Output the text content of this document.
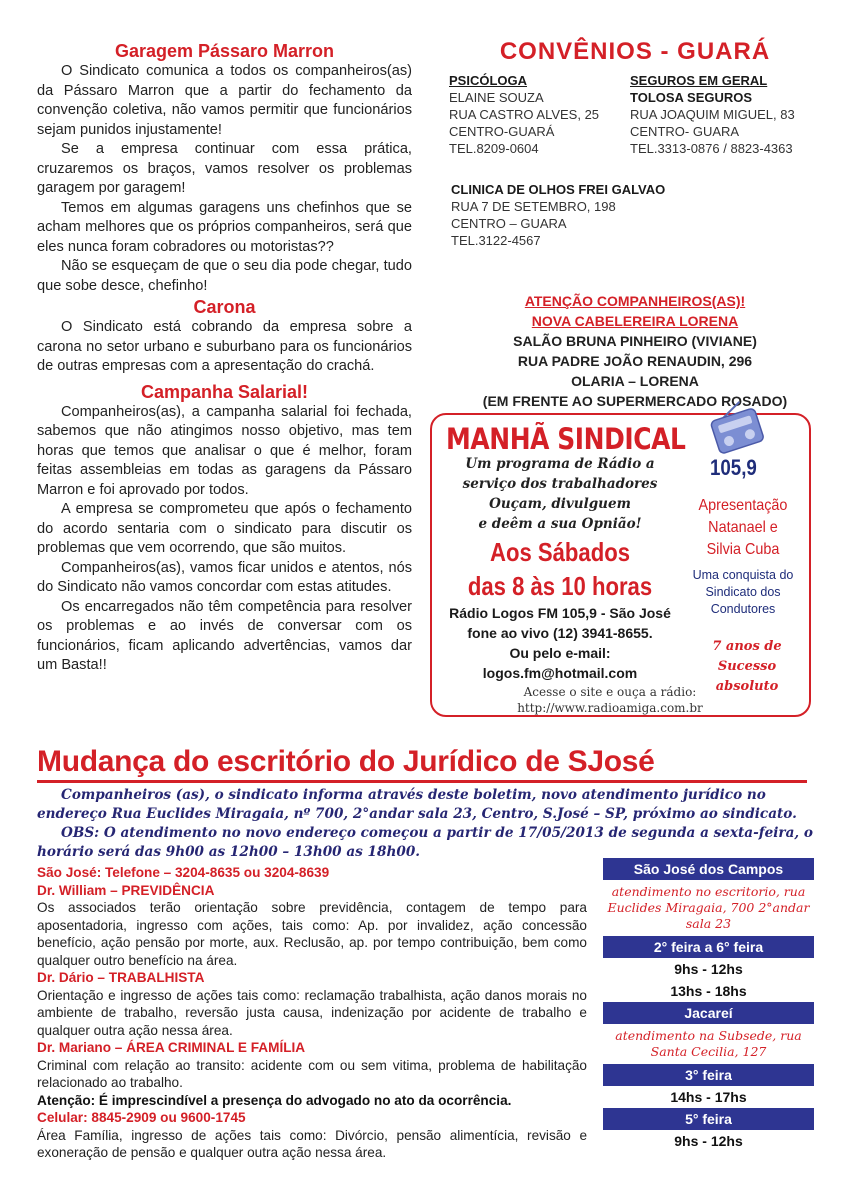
Garagem Pássaro Marron

O Sindicato comunica a todos os companheiros(as) da Pássaro Marron que a partir do fechamento da convenção coletiva, não vamos permitir que funcionários sejam punidos injustamente!

Se a empresa continuar com essa prática, cruzaremos os braços, vamos resolver os problemas garagem por garagem!

Temos em algumas garagens uns chefinhos que se acham melhores que os próprios companheiros, será que eles nunca foram cobradores ou motoristas??

Não se esqueçam de que o seu dia pode chegar, tudo que sobe desce, chefinho!

Carona

O Sindicato está cobrando da empresa sobre a carona no setor urbano e suburbano para os funcionários de outras empresas com a apresentação do crachá.

Campanha Salarial!

Companheiros(as), a campanha salarial foi fechada, sabemos que não atingimos nosso objetivo, mas tem horas que temos que analisar o que é melhor, foram feitas assembleias em todas as garagens da Pássaro Marron e foi aprovado por todos.

A empresa se comprometeu que após o fechamento do acordo sentaria com o sindicato para discutir os problemas que vem ocorrendo, que são muitos.

Companheiros(as), vamos ficar unidos e atentos, nós do Sindicato não vamos concordar com estas atitudes.

Os encarregados não têm competência para resolver os problemas e ao invés de conversar com os funcionários, ficam aplicando advertências, vamos dar um Basta!!

CONVÊNIOS - GUARÁ
PSICÓLOGA
ELAINE SOUZA
RUA CASTRO ALVES, 25
CENTRO-GUARÁ
TEL.8209-0604
SEGUROS EM GERAL
TOLOSA SEGUROS
RUA JOAQUIM MIGUEL, 83
CENTRO- GUARA
TEL.3313-0876 / 8823-4363
CLINICA DE OLHOS FREI GALVAO
RUA 7 DE SETEMBRO, 198
CENTRO – GUARA
TEL.3122-4567
ATENÇÃO COMPANHEIROS(AS)!
NOVA CABELEREIRA LORENA
SALÃO BRUNA PINHEIRO (VIVIANE)
RUA PADRE JOÃO RENAUDIN, 296
OLARIA – LORENA
(EM FRENTE AO SUPERMERCADO ROSADO)
MANHÃ SINDICAL
105,9
Um programa de Rádio a
serviço dos trabalhadores
Ouçam, divulguem
e deêm a sua Opnião!
Aos Sábados
das 8 às 10 horas
Rádio Logos FM 105,9 - São José
fone ao vivo (12) 3941-8655.
Ou pelo e-mail:
logos.fm@hotmail.com
Apresentação
Natanael e
Silvia Cuba
Uma conquista do
Sindicato dos
Condutores
7 anos de
Sucesso absoluto
Acesse o site e ouça a rádio:
http://www.radioamiga.com.br
Mudança do escritório do Jurídico de SJosé

Companheiros (as), o sindicato informa através deste boletim, novo atendimento jurídico no endereço Rua Euclides Miragaia, nº 700, 2°andar sala 23, Centro, S.José – SP, próximo ao sindicato.

OBS: O atendimento no novo endereço começou a partir de 17/05/2013 de segunda a sexta-feira, o horário será das 9h00 as 12h00 – 13h00 as 18h00.

São José: Telefone – 3204-8635 ou 3204-8639
Dr. William – PREVIDÊNCIA

Os associados terão orientação sobre previdência, contagem de tempo para aposentadoria, ingresso com ações, tais como: Ap. por invalidez, ação concessão benefício, ação pensão por morte, aux. Reclusão, ap. por tempo contribuição, bem como qualquer outro benefício na área.

Dr. Dário – TRABALHISTA

Orientação e ingresso de ações tais como: reclamação trabalhista, ação danos morais no ambiente de trabalho, reversão justa causa, indenização por acidente de trabalho e qualquer outra ação nessa área.

Dr. Mariano – ÁREA CRIMINAL E FAMÍLIA

Criminal com relação ao transito: acidente com ou sem vitima, problema de habilitação relacionado ao trabalho.

Atenção: É imprescindível a presença do advogado no ato da ocorrência.
Celular: 8845-2909 ou 9600-1745

Área Família, ingresso de ações tais como: Divórcio, pensão alimentícia, revisão e exoneração de pensão e qualquer outra ação nessa área.

São José dos Campos
atendimento no escritorio, rua Euclides Miragaia, 700 2°andar sala 23
2° feira a 6° feira
9hs - 12hs
13hs - 18hs
Jacareí
atendimento na Subsede, rua Santa Cecilia, 127
3° feira
14hs - 17hs
5° feira
9hs - 12hs
